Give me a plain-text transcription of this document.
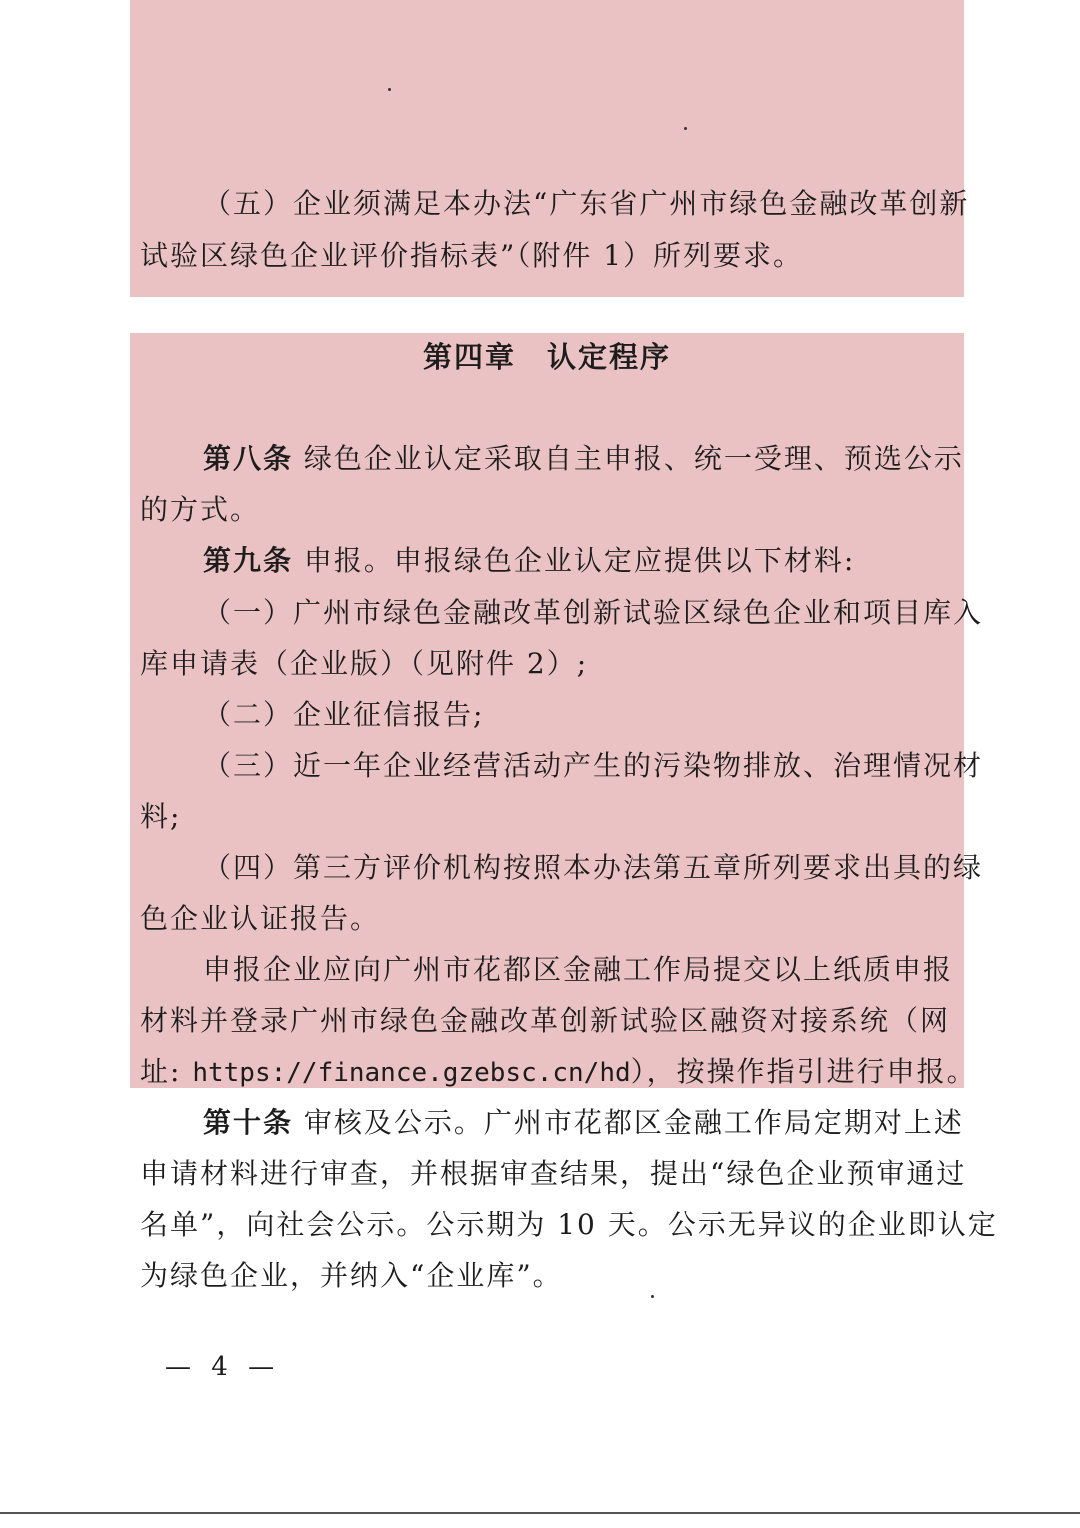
（五）企业须满足本办法“广东省广州市绿色金融改革创新
试验区绿色企业评价指标表”（附件 1）所列要求。
第四章　认定程序
第八条 绿色企业认定采取自主申报、统一受理、预选公示
的方式。
第九条 申报。申报绿色企业认定应提供以下材料:
（一）广州市绿色金融改革创新试验区绿色企业和项目库入
库申请表（企业版）（见附件 2）;
（二）企业征信报告;
（三）近一年企业经营活动产生的污染物排放、治理情况材
料;
（四）第三方评价机构按照本办法第五章所列要求出具的绿
色企业认证报告。
申报企业应向广州市花都区金融工作局提交以上纸质申报
材料并登录广州市绿色金融改革创新试验区融资对接系统（网
址: https://finance.gzebsc.cn/hd），按操作指引进行申报。
第十条 审核及公示。广州市花都区金融工作局定期对上述
申请材料进行审查，并根据审查结果，提出“绿色企业预审通过
名单”，向社会公示。公示期为 10 天。公示无异议的企业即认定
为绿色企业，并纳入“企业库”。
— 4 —
